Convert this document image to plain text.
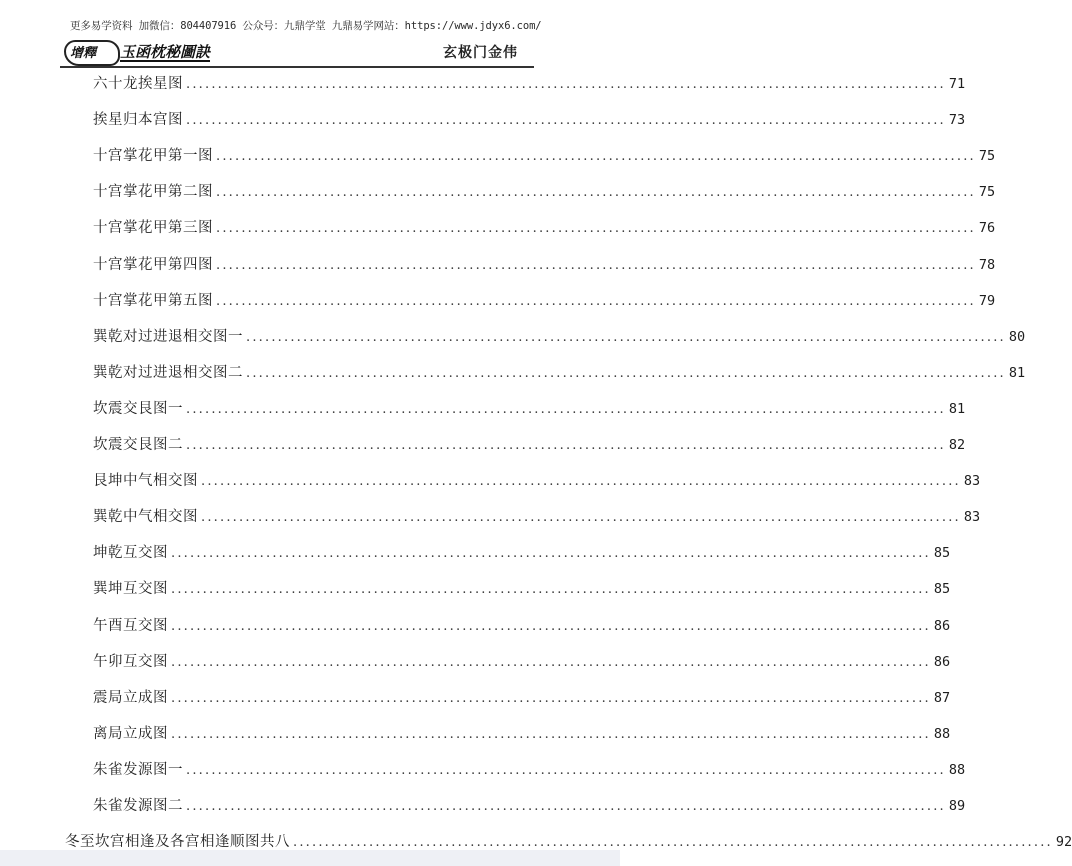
更多易学资料 加微信：804407916 公众号：九鼎学堂 九鼎易学网站：https://www.jdyx6.com/
增釋 玉函枕秘圖訣	玄极门金伟
六十龙挨星图 ........................................................................................................................ 71
挨星归本宫图 ........................................................................................................................ 73
十宫掌花甲第一图 ........................................................................................................................ 75
十宫掌花甲第二图 ........................................................................................................................ 75
十宫掌花甲第三图 ........................................................................................................................ 76
十宫掌花甲第四图 ........................................................................................................................ 78
十宫掌花甲第五图 ........................................................................................................................ 79
巽乾对过进退相交图一 ........................................................................................................................ 80
巽乾对过进退相交图二 ........................................................................................................................ 81
坎震交艮图一 ........................................................................................................................ 81
坎震交艮图二 ........................................................................................................................ 82
艮坤中气相交图 ........................................................................................................................ 83
巽乾中气相交图 ........................................................................................................................ 83
坤乾互交图 ........................................................................................................................ 85
巽坤互交图 ........................................................................................................................ 85
午酉互交图 ........................................................................................................................ 86
午卯互交图 ........................................................................................................................ 86
震局立成图 ........................................................................................................................ 87
离局立成图 ........................................................................................................................ 88
朱雀发源图一 ........................................................................................................................ 88
朱雀发源图二 ........................................................................................................................ 89
冬至坎宫相逢及各宫相逢顺图共八 ........................................................................................................................ 92
